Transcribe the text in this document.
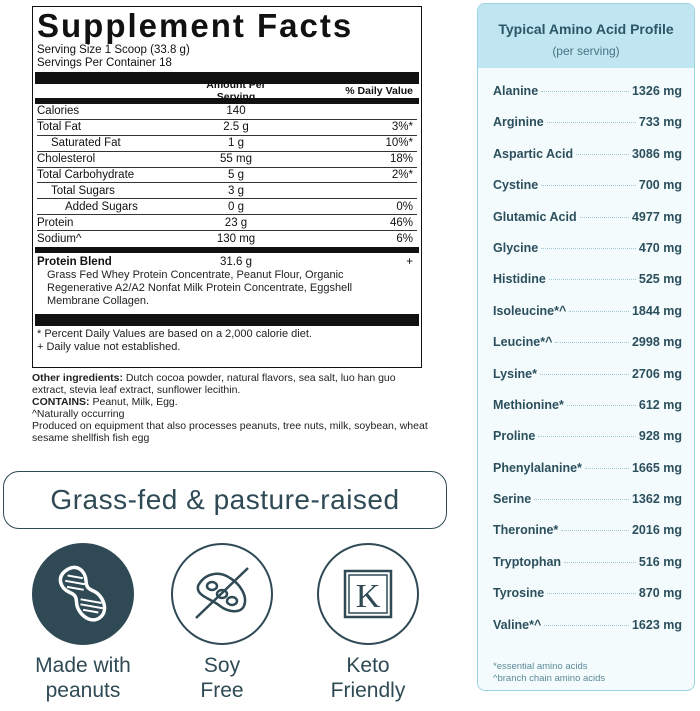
Supplement Facts
Serving Size 1 Scoop (33.8 g)
Servings Per Container 18
Amount Per Serving	% Daily Value
Calories	140
Total Fat	2.5 g	3%*
Saturated Fat	1 g	10%*
Cholesterol	55 mg	18%
Total Carbohydrate	5 g	2%*
Total Sugars	3 g
Added Sugars	0 g	0%
Protein	23 g	46%
Sodium^	130 mg	6%
Protein Blend	31.6 g	+
Grass Fed Whey Protein Concentrate, Peanut Flour, Organic Regenerative A2/A2 Nonfat Milk Protein Concentrate, Eggshell Membrane Collagen.
* Percent Daily Values are based on a 2,000 calorie diet.
+ Daily value not established.
Other ingredients: Dutch cocoa powder, natural flavors, sea salt, luo han guo extract, stevia leaf extract, sunflower lecithin.
CONTAINS: Peanut, Milk, Egg.
^Naturally occurring
Produced on equipment that also processes peanuts, tree nuts, milk, soybean, wheat sesame shellfish fish egg
Grass-fed & pasture-raised
Made with
peanuts
Soy
Free
K
Keto
Friendly
Typical Amino Acid Profile
(per serving)
Alanine	1326 mg
Arginine	733 mg
Aspartic Acid	3086 mg
Cystine	700 mg
Glutamic Acid	4977 mg
Glycine	470 mg
Histidine	525 mg
Isoleucine*^	1844 mg
Leucine*^	2998 mg
Lysine*	2706 mg
Methionine*	612 mg
Proline	928 mg
Phenylalanine*	1665 mg
Serine	1362 mg
Theronine*	2016 mg
Tryptophan	516 mg
Tyrosine	870 mg
Valine*^	1623 mg
*essential amino acids
^branch chain amino acids
